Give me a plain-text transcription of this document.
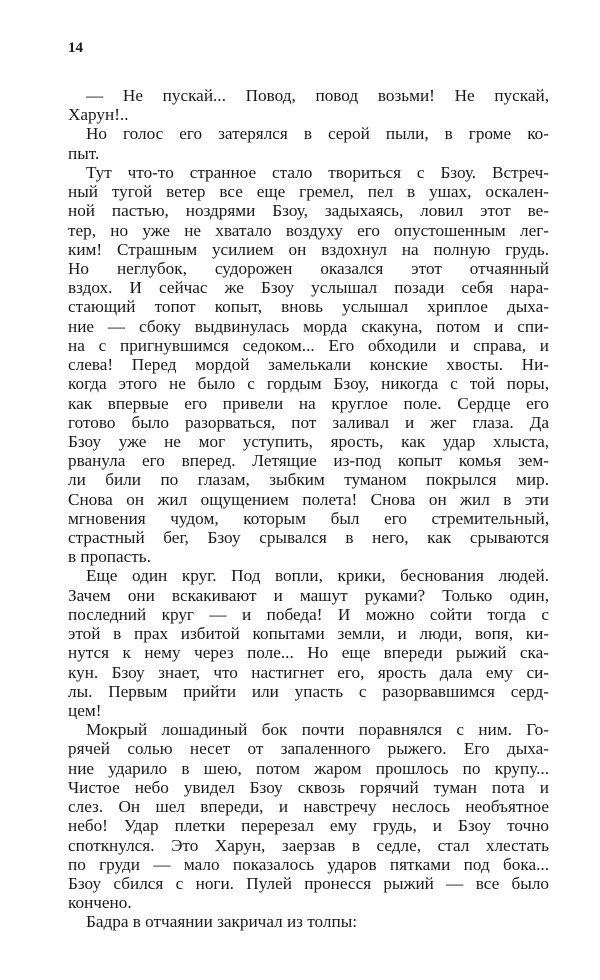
14
— Не пускай... Повод, повод возьми! Не пускай,
Харун!..
Но голос его затерялся в серой пыли, в громе ко-
пыт.
Тут что-то странное стало твориться с Бзоу. Встреч-
ный тугой ветер все еще гремел, пел в ушах, оскален-
ной пастью, ноздрями Бзоу, задыхаясь, ловил этот ве-
тер, но уже не хватало воздуху его опустошенным лег-
ким! Страшным усилием он вздохнул на полную грудь.
Но неглубок, судорожен оказался этот отчаянный
вздох. И сейчас же Бзоу услышал позади себя нара-
стающий топот копыт, вновь услышал хриплое дыха-
ние — сбоку выдвинулась морда скакуна, потом и спи-
на с пригнувшимся седоком... Его обходили и справа, и
слева! Перед мордой замелькали конские хвосты. Ни-
когда этого не было с гордым Бзоу, никогда с той поры,
как впервые его привели на круглое поле. Сердце его
готово было разорваться, пот заливал и жег глаза. Да
Бзоу уже не мог уступить, ярость, как удар хлыста,
рванула его вперед. Летящие из-под копыт комья зем-
ли били по глазам, зыбким туманом покрылся мир.
Снова он жил ощущением полета! Снова он жил в эти
мгновения чудом, которым был его стремительный,
страстный бег, Бзоу срывался в него, как срываются
в пропасть.
Еще один круг. Под вопли, крики, беснования людей.
Зачем они вскакивают и машут руками? Только один,
последний круг — и победа! И можно сойти тогда с
этой в прах избитой копытами земли, и люди, вопя, ки-
нутся к нему через поле... Но еще впереди рыжий ска-
кун. Бзоу знает, что настигнет его, ярость дала ему си-
лы. Первым прийти или упасть с разорвавшимся серд-
цем!
Мокрый лошадиный бок почти поравнялся с ним. Го-
рячей солью несет от запаленного рыжего. Его дыха-
ние ударило в шею, потом жаром прошлось по крупу...
Чистое небо увидел Бзоу сквозь горячий туман пота и
слез. Он шел впереди, и навстречу неслось необъятное
небо! Удар плетки перерезал ему грудь, и Бзоу точно
споткнулся. Это Харун, заерзав в седле, стал хлестать
по груди — мало показалось ударов пятками под бока...
Бзоу сбился с ноги. Пулей пронесся рыжий — все было
кончено.
Бадра в отчаянии закричал из толпы:
